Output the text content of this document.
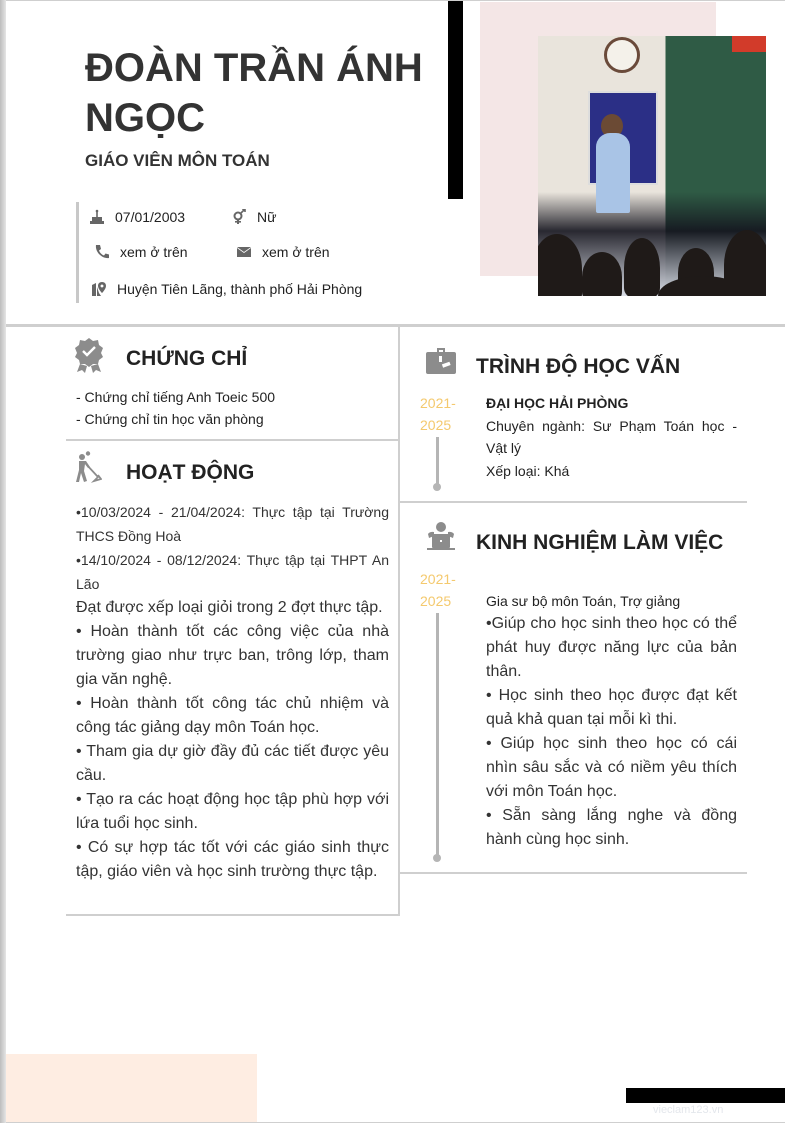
ĐOÀN TRẦN ÁNH NGỌC
GIÁO VIÊN MÔN TOÁN
07/01/2003	Nữ
xem ở trên	xem ở trên
Huyện Tiên Lãng, thành phố Hải Phòng
CHỨNG CHỈ
- Chứng chỉ tiếng Anh Toeic 500
- Chứng chỉ tin học văn phòng
HOẠT ĐỘNG
•10/03/2024 - 21/04/2024: Thực tập tại Trường THCS Đồng Hoà
•14/10/2024 - 08/12/2024: Thực tập tại THPT An Lão
Đạt được xếp loại giỏi trong 2 đợt thực tập.
• Hoàn thành tốt các công việc của nhà trường giao như trực ban, trông lớp, tham gia văn nghệ.
• Hoàn thành tốt công tác chủ nhiệm và công tác giảng dạy môn Toán học.
• Tham gia dự giờ đầy đủ các tiết được yêu cầu.
• Tạo ra các hoạt động học tập phù hợp với lứa tuổi học sinh.
• Có sự hợp tác tốt với các giáo sinh thực tập, giáo viên và học sinh trường thực tập.
TRÌNH ĐỘ HỌC VẤN
2021-
2025
ĐẠI HỌC HẢI PHÒNG
Chuyên ngành: Sư Phạm Toán học - Vật lý
Xếp loại: Khá
KINH NGHIỆM LÀM VIỆC
2021-
2025	Gia sư bộ môn Toán, Trợ giảng
•Giúp cho học sinh theo học có thể phát huy được năng lực của bản thân.
• Học sinh theo học được đạt kết quả khả quan tại mỗi kì thi.
• Giúp học sinh theo học có cái nhìn sâu sắc và có niềm yêu thích với môn Toán học.
• Sẵn sàng lắng nghe và đồng hành cùng học sinh.
vieclam123.vn
